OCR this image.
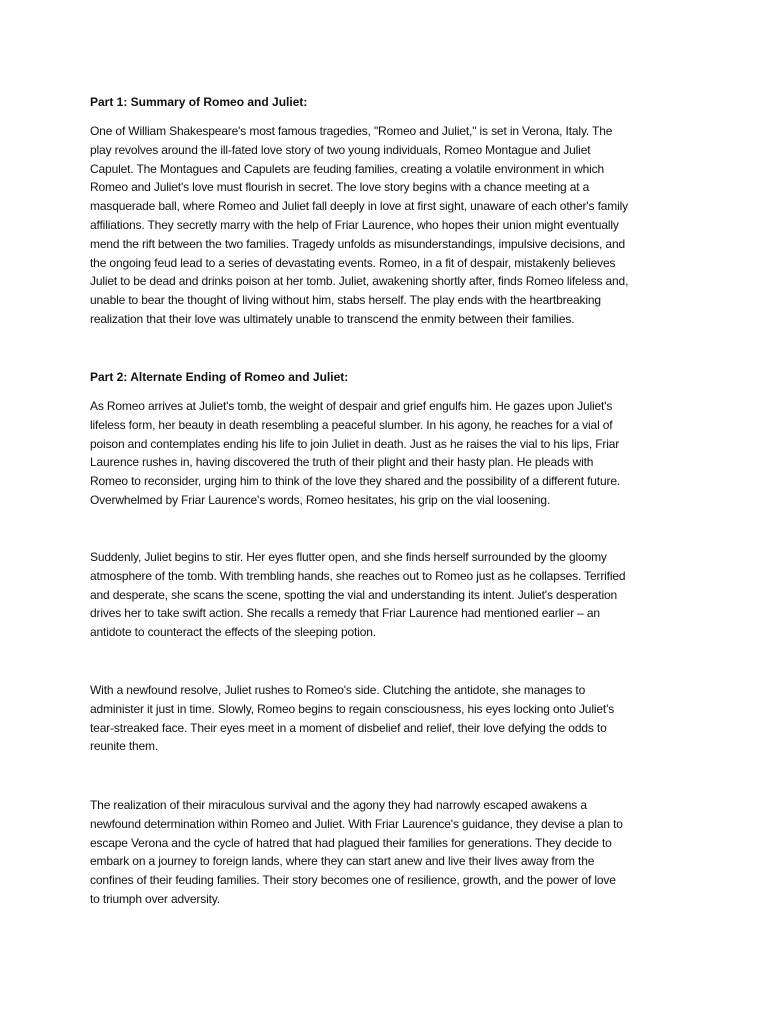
Part 1: Summary of Romeo and Juliet:

One of William Shakespeare's most famous tragedies, "Romeo and Juliet," is set in Verona, Italy. The
play revolves around the ill-fated love story of two young individuals, Romeo Montague and Juliet
Capulet. The Montagues and Capulets are feuding families, creating a volatile environment in which
Romeo and Juliet's love must flourish in secret. The love story begins with a chance meeting at a
masquerade ball, where Romeo and Juliet fall deeply in love at first sight, unaware of each other's family
affiliations. They secretly marry with the help of Friar Laurence, who hopes their union might eventually
mend the rift between the two families. Tragedy unfolds as misunderstandings, impulsive decisions, and
the ongoing feud lead to a series of devastating events. Romeo, in a fit of despair, mistakenly believes
Juliet to be dead and drinks poison at her tomb. Juliet, awakening shortly after, finds Romeo lifeless and,
unable to bear the thought of living without him, stabs herself. The play ends with the heartbreaking
realization that their love was ultimately unable to transcend the enmity between their families.

Part 2: Alternate Ending of Romeo and Juliet:

As Romeo arrives at Juliet's tomb, the weight of despair and grief engulfs him. He gazes upon Juliet's
lifeless form, her beauty in death resembling a peaceful slumber. In his agony, he reaches for a vial of
poison and contemplates ending his life to join Juliet in death. Just as he raises the vial to his lips, Friar
Laurence rushes in, having discovered the truth of their plight and their hasty plan. He pleads with
Romeo to reconsider, urging him to think of the love they shared and the possibility of a different future.
Overwhelmed by Friar Laurence's words, Romeo hesitates, his grip on the vial loosening.

Suddenly, Juliet begins to stir. Her eyes flutter open, and she finds herself surrounded by the gloomy
atmosphere of the tomb. With trembling hands, she reaches out to Romeo just as he collapses. Terrified
and desperate, she scans the scene, spotting the vial and understanding its intent. Juliet's desperation
drives her to take swift action. She recalls a remedy that Friar Laurence had mentioned earlier – an
antidote to counteract the effects of the sleeping potion.

With a newfound resolve, Juliet rushes to Romeo's side. Clutching the antidote, she manages to
administer it just in time. Slowly, Romeo begins to regain consciousness, his eyes locking onto Juliet's
tear-streaked face. Their eyes meet in a moment of disbelief and relief, their love defying the odds to
reunite them.

The realization of their miraculous survival and the agony they had narrowly escaped awakens a
newfound determination within Romeo and Juliet. With Friar Laurence's guidance, they devise a plan to
escape Verona and the cycle of hatred that had plagued their families for generations. They decide to
embark on a journey to foreign lands, where they can start anew and live their lives away from the
confines of their feuding families. Their story becomes one of resilience, growth, and the power of love
to triumph over adversity.
